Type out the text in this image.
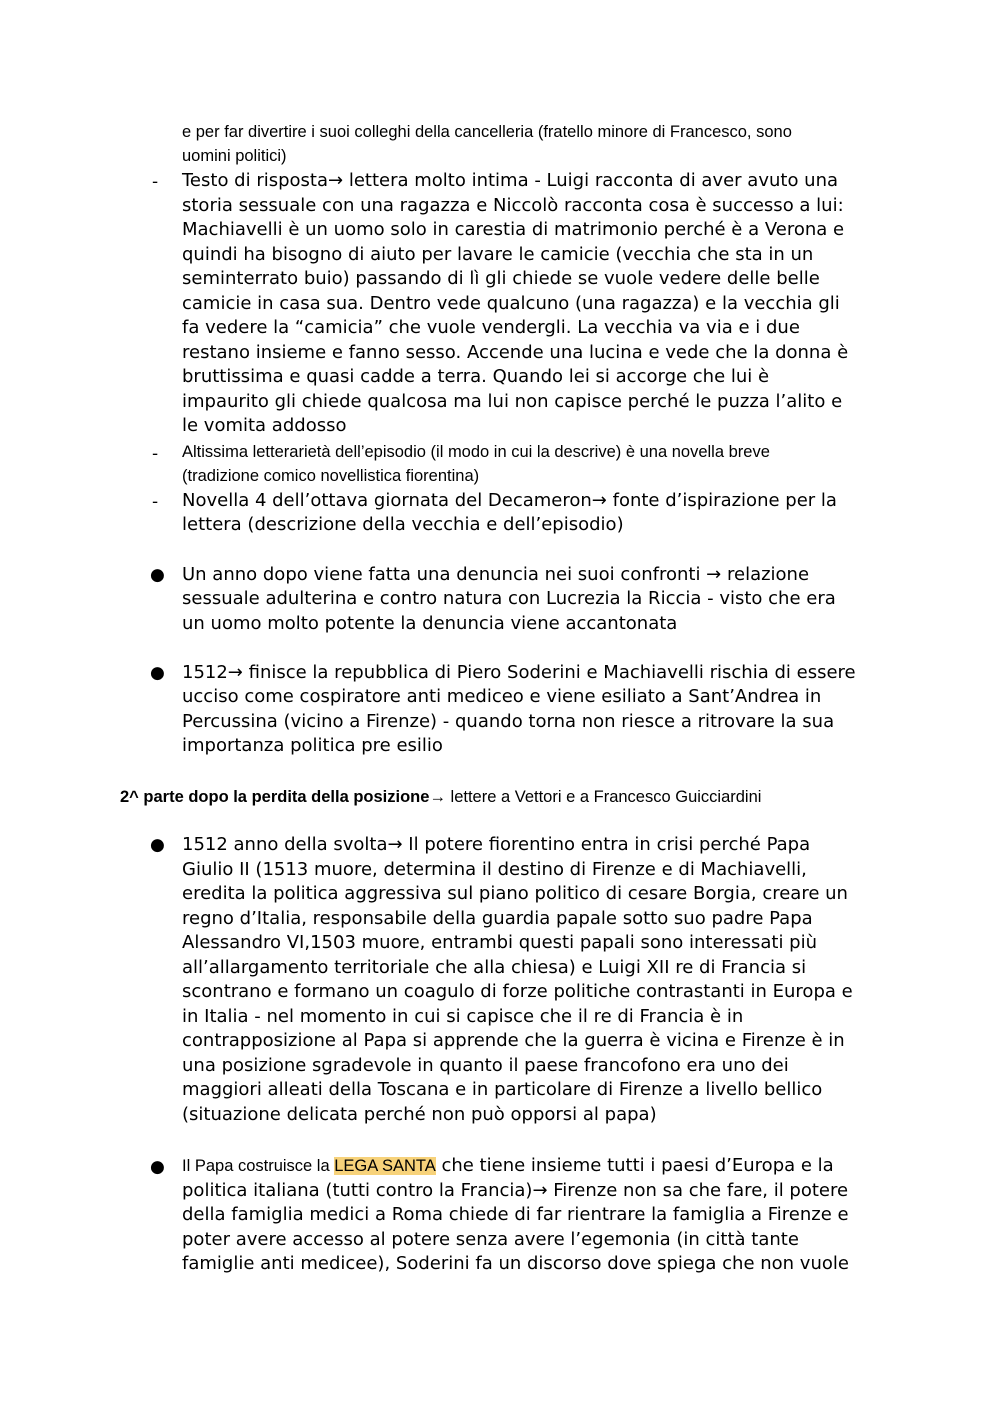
e per far divertire i suoi colleghi della cancelleria (fratello minore di Francesco, sono
uomini politici)
- Testo di risposta→ lettera molto intima - Luigi racconta di aver avuto una
storia sessuale con una ragazza e Niccolò racconta cosa è successo a lui:
Machiavelli è un uomo solo in carestia di matrimonio perché è a Verona e
quindi ha bisogno di aiuto per lavare le camicie (vecchia che sta in un
seminterrato buio) passando di lì gli chiede se vuole vedere delle belle
camicie in casa sua. Dentro vede qualcuno (una ragazza) e la vecchia gli
fa vedere la “camicia” che vuole vendergli. La vecchia va via e i due
restano insieme e fanno sesso. Accende una lucina e vede che la donna è
bruttissima e quasi cadde a terra. Quando lei si accorge che lui è
impaurito gli chiede qualcosa ma lui non capisce perché le puzza l’alito e
le vomita addosso
- Altissima letterarietà dell’episodio (il modo in cui la descrive) è una novella breve
(tradizione comico novellistica fiorentina)
- Novella 4 dell’ottava giornata del Decameron→ fonte d’ispirazione per la
lettera (descrizione della vecchia e dell’episodio)
● Un anno dopo viene fatta una denuncia nei suoi confronti → relazione
sessuale adulterina e contro natura con Lucrezia la Riccia - visto che era
un uomo molto potente la denuncia viene accantonata
● 1512→ finisce la repubblica di Piero Soderini e Machiavelli rischia di essere
ucciso come cospiratore anti mediceo e viene esiliato a Sant’Andrea in
Percussina (vicino a Firenze) - quando torna non riesce a ritrovare la sua
importanza politica pre esilio
2^ parte dopo la perdita della posizione→ lettere a Vettori e a Francesco Guicciardini
● 1512 anno della svolta→ Il potere fiorentino entra in crisi perché Papa
Giulio II (1513 muore, determina il destino di Firenze e di Machiavelli,
eredita la politica aggressiva sul piano politico di cesare Borgia, creare un
regno d’Italia, responsabile della guardia papale sotto suo padre Papa
Alessandro VI,1503 muore, entrambi questi papali sono interessati più
all’allargamento territoriale che alla chiesa) e Luigi XII re di Francia si
scontrano e formano un coagulo di forze politiche contrastanti in Europa e
in Italia - nel momento in cui si capisce che il re di Francia è in
contrapposizione al Papa si apprende che la guerra è vicina e Firenze è in
una posizione sgradevole in quanto il paese francofono era uno dei
maggiori alleati della Toscana e in particolare di Firenze a livello bellico
(situazione delicata perché non può opporsi al papa)
● Il Papa costruisce la LEGA SANTA che tiene insieme tutti i paesi d’Europa e la
politica italiana (tutti contro la Francia)→ Firenze non sa che fare, il potere
della famiglia medici a Roma chiede di far rientrare la famiglia a Firenze e
poter avere accesso al potere senza avere l’egemonia (in città tante
famiglie anti medicee), Soderini fa un discorso dove spiega che non vuole
